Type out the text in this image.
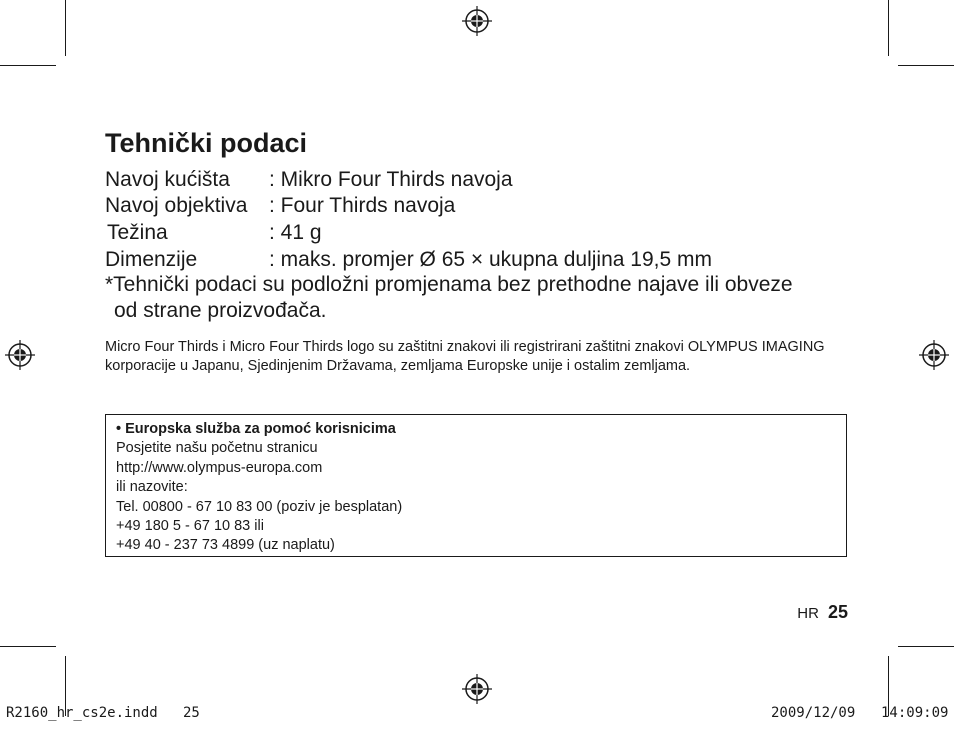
Tehnički podaci
Navoj kućišta : Mikro Four Thirds navoja
Navoj objektiva : Four Thirds navoja
Težina	: 41 g
Dimenzije	: maks. promjer Ø 65 × ukupna duljina 19,5 mm
*Tehnički podaci su podložni promjenama bez prethodne najave ili obveze
od strane proizvođača.
Micro Four Thirds i Micro Four Thirds logo su zaštitni znakovi ili registrirani zaštitni znakovi OLYMPUS IMAGING korporacije u Japanu, Sjedinjenim Državama, zemljama Europske unije i ostalim zemljama.
• Europska služba za pomoć korisnicima
Posjetite našu početnu stranicu
http://www.olympus-europa.com
ili nazovite:
Tel. 00800 - 67 10 83 00 (poziv je besplatan)
+49 180 5 - 67 10 83 ili
+49 40 - 237 73 4899 (uz naplatu)
HR 25
R2160_hr_cs2e.indd 25	2009/12/09 14:09:09
